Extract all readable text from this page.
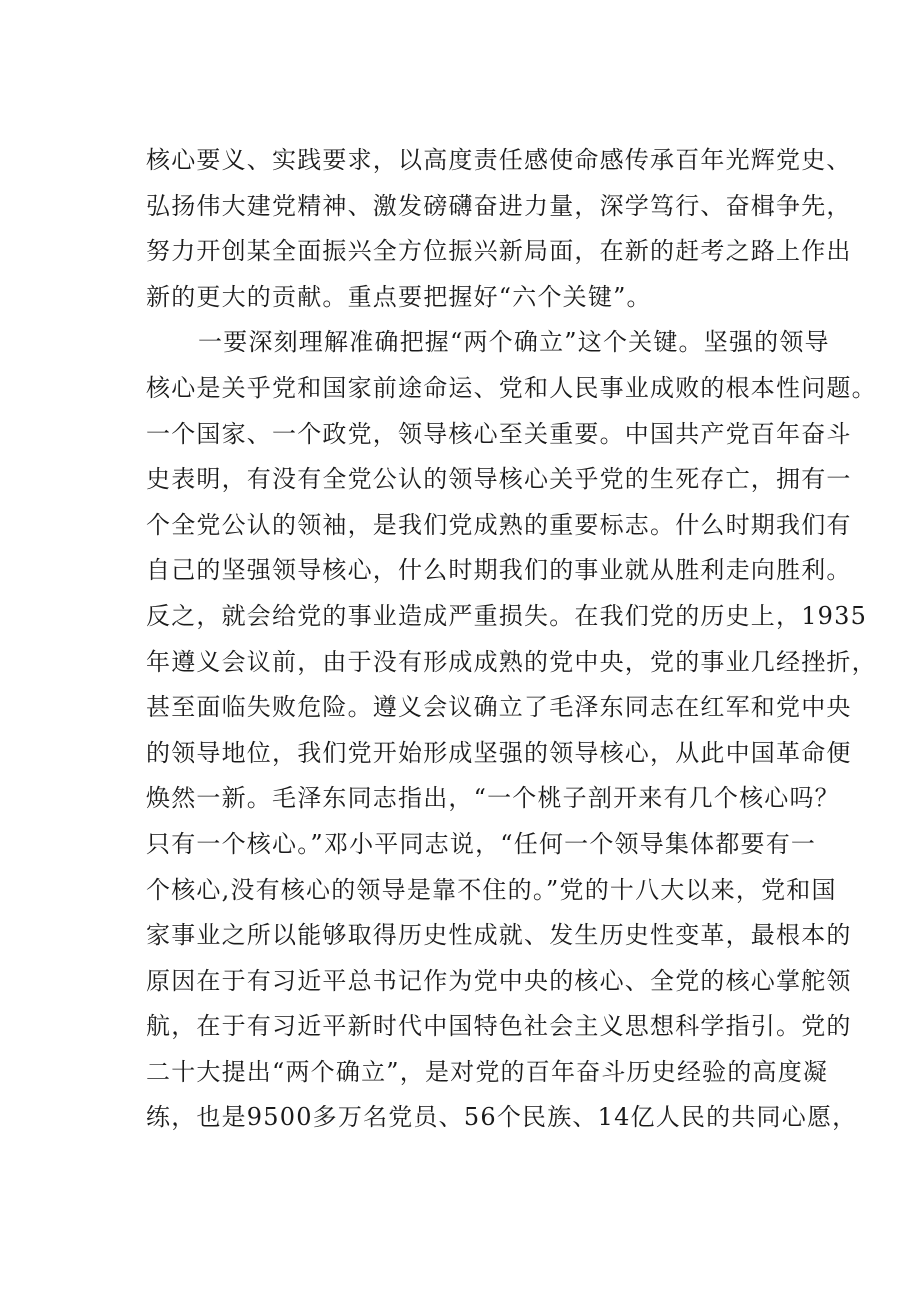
核心要义、实践要求，以高度责任感使命感传承百年光辉党史、
弘扬伟大建党精神、激发磅礴奋进力量，深学笃行、奋楫争先，
努力开创某全面振兴全方位振兴新局面，在新的赶考之路上作出
新的更大的贡献。重点要把握好“六个关键”。
一要深刻理解准确把握“两个确立”这个关键。坚强的领导
核心是关乎党和国家前途命运、党和人民事业成败的根本性问题。
一个国家、一个政党，领导核心至关重要。中国共产党百年奋斗
史表明，有没有全党公认的领导核心关乎党的生死存亡，拥有一
个全党公认的领袖，是我们党成熟的重要标志。什么时期我们有
自己的坚强领导核心，什么时期我们的事业就从胜利走向胜利。
反之，就会给党的事业造成严重损失。在我们党的历史上，1935
年遵义会议前，由于没有形成成熟的党中央，党的事业几经挫折，
甚至面临失败危险。遵义会议确立了毛泽东同志在红军和党中央
的领导地位，我们党开始形成坚强的领导核心，从此中国革命便
焕然一新。毛泽东同志指出，“一个桃子剖开来有几个核心吗？
只有一个核心。”邓小平同志说，“任何一个领导集体都要有一
个核心,没有核心的领导是靠不住的。”党的十八大以来，党和国
家事业之所以能够取得历史性成就、发生历史性变革，最根本的
原因在于有习近平总书记作为党中央的核心、全党的核心掌舵领
航，在于有习近平新时代中国特色社会主义思想科学指引。党的
二十大提出“两个确立”，是对党的百年奋斗历史经验的高度凝
练，也是9500多万名党员、56个民族、14亿人民的共同心愿，
